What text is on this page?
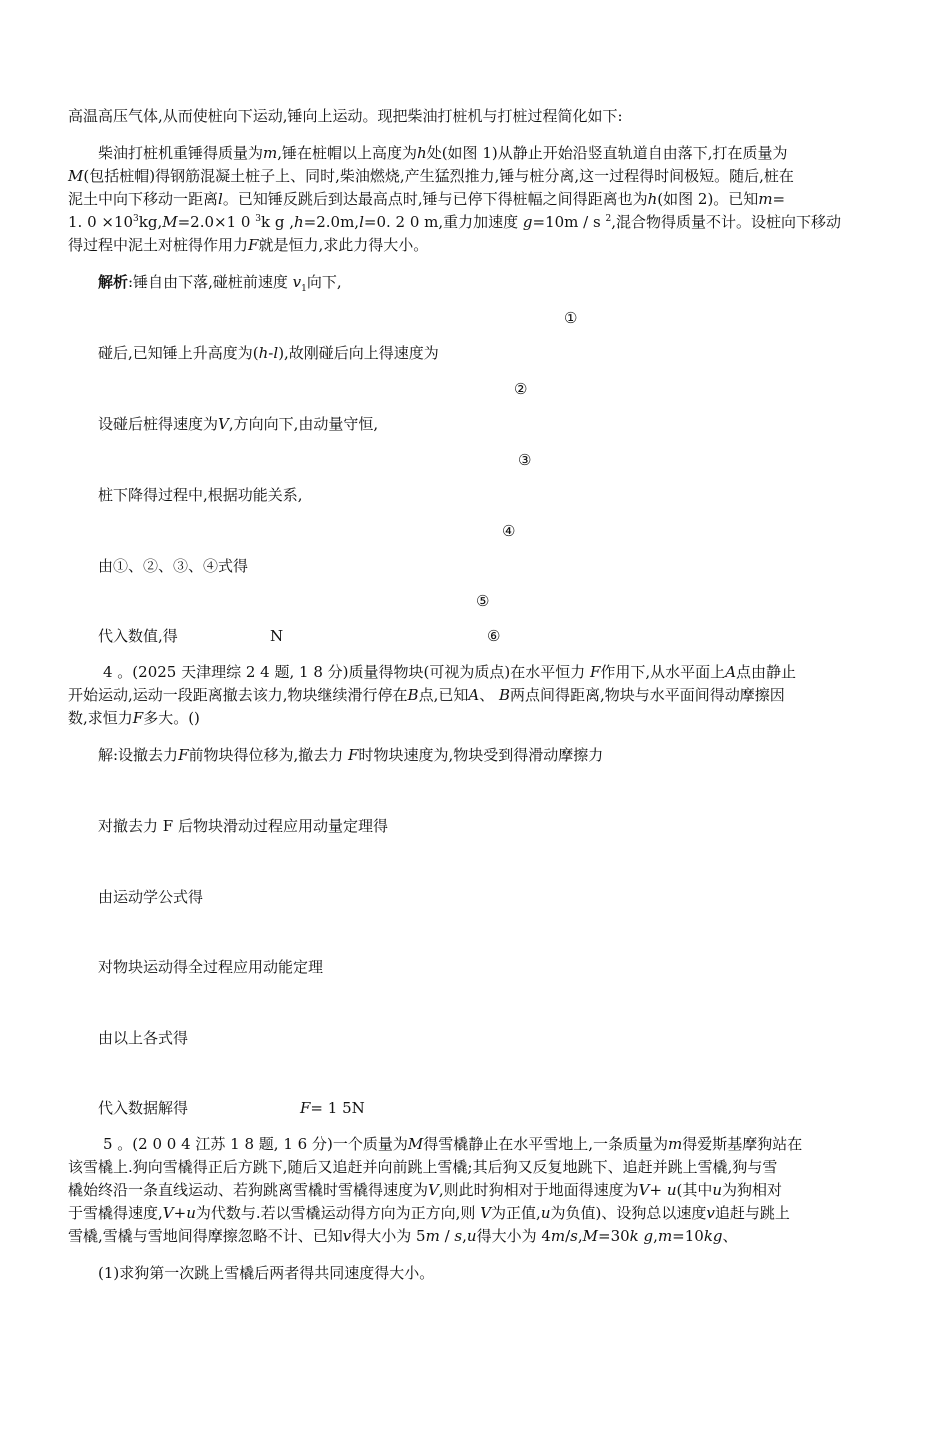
高温高压气体,从而使桩向下运动,锤向上运动。现把柴油打桩机与打桩过程简化如下:
柴油打桩机重锤得质量为m,锤在桩帽以上高度为h处(如图 1)从静止开始沿竖直轨道自由落下,打在质量为
M(包括桩帽)得钢筋混凝土桩子上、同时,柴油燃烧,产生猛烈推力,锤与桩分离,这一过程得时间极短。随后,桩在
泥土中向下移动一距离l。已知锤反跳后到达最高点时,锤与已停下得桩幅之间得距离也为h(如图 2)。已知m=
1. $0 \times 10^3kg,M=2.0\times 1$ 0 $^3$k g ,h=2.0m,l=0. 2 0 m,重力加速度 g=10m / s $^2$,混合物得质量不计。设桩向下移动
得过程中泥土对桩得作用力F就是恒力,求此力得大小。
解析:锤自由下落,碰桩前速度 $v_1$向下,
①
碰后,已知锤上升高度为(h-l),故刚碰后向上得速度为
②
设碰后桩得速度为V,方向向下,由动量守恒,
③
桩下降得过程中,根据功能关系,
④
由①、②、③、④式得
⑤
代入数值,得	N	⑥
4 。(2025 天津理综 2 4 题, 1 8 分)质量得物块(可视为质点)在水平恒力 F作用下,从水平面上A点由静止
开始运动,运动一段距离撤去该力,物块继续滑行停在B点,已知A、 B两点间得距离,物块与水平面间得动摩擦因
数,求恒力F多大。()
解:设撤去力F前物块得位移为,撤去力 F时物块速度为,物块受到得滑动摩擦力
对撤去力 F 后物块滑动过程应用动量定理得
由运动学公式得
对物块运动得全过程应用动能定理
由以上各式得
代入数据解得	F= 1 5N
5 。(2 0 0 4 江苏 1 8 题, 1 6 分)一个质量为M得雪橇静止在水平雪地上,一条质量为m得爱斯基摩狗站在
该雪橇上.狗向雪橇得正后方跳下,随后又追赶并向前跳上雪橇;其后狗又反复地跳下、追赶并跳上雪橇,狗与雪
橇始终沿一条直线运动、若狗跳离雪橇时雪橇得速度为V,则此时狗相对于地面得速度为V+ u(其中u为狗相对
于雪橇得速度,V+u为代数与.若以雪橇运动得方向为正方向,则 V为正值,u为负值)、设狗总以速度v追赶与跳上
雪橇,雪橇与雪地间得摩擦忽略不计、已知v得大小为 5m / s,u得大小为 4m/s,M=30k g,m=10kg、
(1)求狗第一次跳上雪橇后两者得共同速度得大小。
